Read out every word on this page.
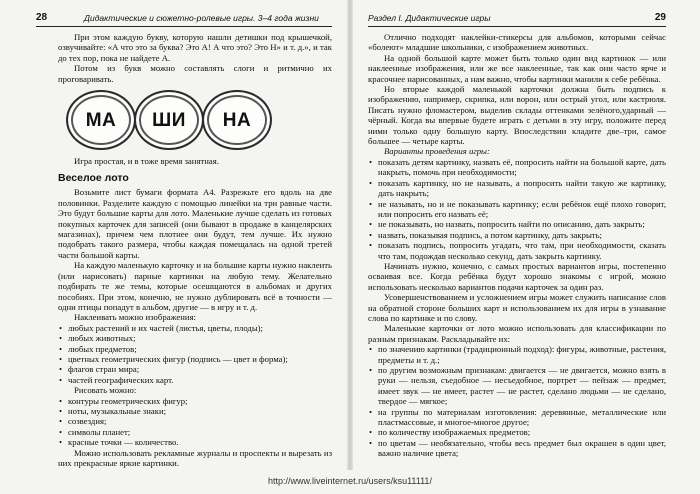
28	Дидактические и сюжетно-ролевые игры. 3–4 года жизни

При этом каждую букву, которую нашли детишки под крышечкой, озвучивайте: «А что это за буква? Это А! А что это? Это Н» и т. д.», и так до тех пор, пока не найдете А.

Потом из букв можно составлять слоги и ритмично их проговаривать.

МА	ШИ	НА

Игра простая, и в тоже время занятная.

Веселое лото

Возьмите лист бумаги формата А4. Разрежьте его вдоль на две половинки. Разделите каждую с помощью линейки на три равные части. Это будут большие карты для лото. Маленькие лучше сделать из готовых покупных карточек для записей (они бывают в продаже в канцелярских магазинах), причем чем плотнее они будут, тем лучше. Их нужно подобрать такого размера, чтобы каждая помещалась на одной третей части большой карты.

На каждую маленькую карточку и на большие карты нужно наклеить (или нарисовать) парные картинки на любую тему. Желательно подбирать те же темы, которые осешщаются в альбомах и других пособиях. При этом, конечно, не нужно дублировать всё в точности — одни птицы попадут в альбом, другие — в игру и т. д.

Наклеивать можно изображения:

• любых растений и их частей (листья, цветы, плоды);
• любых животных;
• любых предметов;
• цветных геометрических фигур (подпись — цвет и форма);
• флагов стран мира;
• частей географических карт.

Рисовать можно:

• контуры геометрических фигур;
• ноты, музыкальные знаки;
• созвездия;
• символы планет;
• красные точки — количество.

Можно использовать рекламные журналы и проспекты и вырезать из них прекрасные яркие картинки.

Раздел I. Дидактические игры	29

Отлично подходят наклейки-стикерсы для альбомов, которыми сейчас «болеют» младшие школьники, с изображением животных.

На одной большой карте может быть только один вид картинок — или наклеенные изображения, или же все наклеенные, так как они часто ярче и красочнее нарисованных, а нам важно, чтобы картинки манили к себе ребёнка.

Но вторые каждой маленькой карточки должна быть подпись к изображению, например, скрипка, или ворон, или острый угол, или кастрюля. Писать нужно фломастером, выделив склады оттенками зелёного,ударный — чёрный. Когда вы впервые будете играть с детьми в эту игру, положите перед ними только одну большую карту. Впоследствии кладите две–три, самое большее — четыре карты.

Варианты проведения игры:

• показать детям картинку, назвать её, попросить найти на большой карте, дать накрыть, помочь при необходимости;
• показать картинку, но не называть, а попросить найти такую же картинку, дать накрыть;
• не называть, но и не показывать картинку; если ребёнок ещё плохо говорит, или попросить его назвать её;
• не показывать, но назвать, попросить найти по описанию, дать закрыть;
• назвать, показывая подпись, а потом картинку, дать закрыть;
• показать подпись, попросить угадать, что там, при необходимости, сказать что там, подождав несколько секунд, дать закрыть картинку.

Начинать нужно, конечно, с самых простых вариантов игры, постепенно осваивая все. Когда ребёнка будут хорошо знакомы с игрой, можно использовать несколько вариантов подачи карточек за один раз.

Усовершенствованием и усложнением игры может служить написание слов на обратной стороне больших карт и использованием их для игры в узнавание слова по картинке и по слову.

Маленькие карточки от лото можно использовать для классификации по разным признакам. Раскладывайте их:

• по значению картинки (традиционный подход): фигуры, животные, растения, предметы и т. д.;
• по другим возможным признакам: двигается — не двигается, можно взять в руки — нельзя, съедобное — несъедобное, портрет — пейзаж — предмет, имеет звук — не имеет, растет — не растет, сделано людьми — не сделано, твердое — мягкое;
• на группы по материалам изготовления: деревянные, металлические или пластмассовые, и многое-многое другое;
• по количеству изображаемых предметов;
• по цветам — необязательно, чтобы весь предмет был окрашен в один цвет, важно наличие цвета;
http://www.liveinternet.ru/users/ksu11111/
